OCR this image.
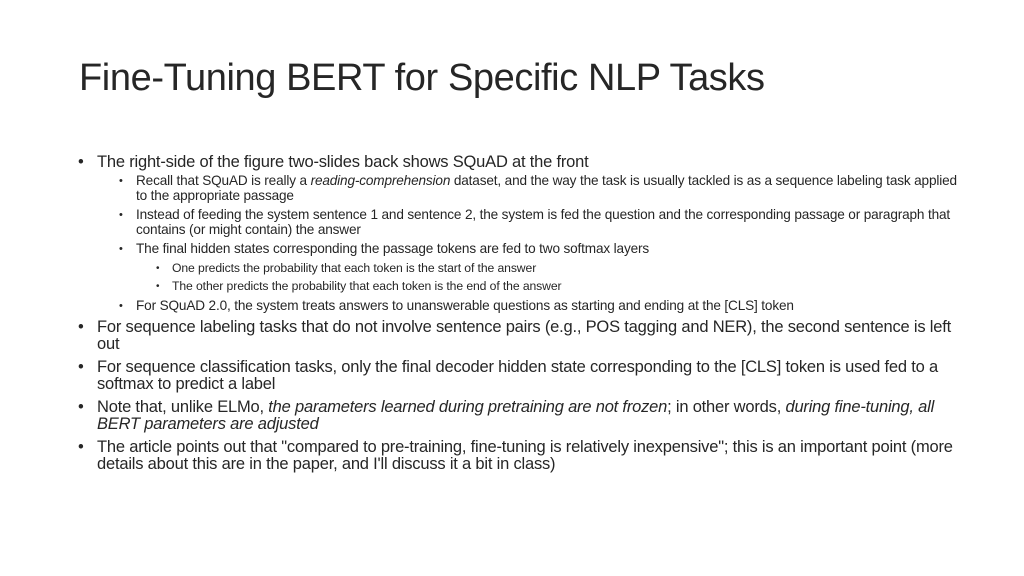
Fine-Tuning BERT for Specific NLP Tasks
• The right-side of the figure two-slides back shows SQuAD at the front
• Recall that SQuAD is really a reading-comprehension dataset, and the way the task is usually tackled is as a sequence labeling task applied to the appropriate passage
• Instead of feeding the system sentence 1 and sentence 2, the system is fed the question and the corresponding passage or paragraph that contains (or might contain) the answer
• The final hidden states corresponding the passage tokens are fed to two softmax layers
• One predicts the probability that each token is the start of the answer
• The other predicts the probability that each token is the end of the answer
• For SQuAD 2.0, the system treats answers to unanswerable questions as starting and ending at the [CLS] token
• For sequence labeling tasks that do not involve sentence pairs (e.g., POS tagging and NER), the second sentence is left out
• For sequence classification tasks, only the final decoder hidden state corresponding to the [CLS] token is used fed to a softmax to predict a label
• Note that, unlike ELMo, the parameters learned during pretraining are not frozen; in other words, during fine-tuning, all BERT parameters are adjusted
• The article points out that "compared to pre-training, fine-tuning is relatively inexpensive"; this is an important point (more details about this are in the paper, and I'll discuss it a bit in class)
